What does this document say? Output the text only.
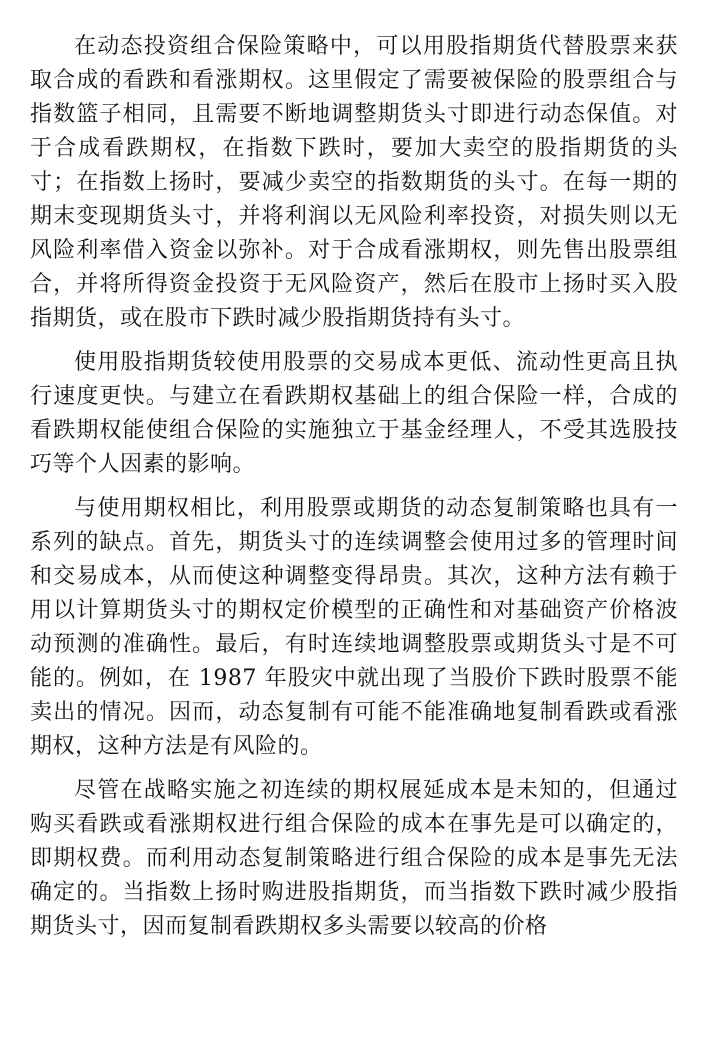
在动态投资组合保险策略中，可以用股指期货代替股票来获取合成的看跌和看涨期权。这里假定了需要被保险的股票组合与指数篮子相同，且需要不断地调整期货头寸即进行动态保值。对于合成看跌期权，在指数下跌时，要加大卖空的股指期货的头寸；在指数上扬时，要减少卖空的指数期货的头寸。在每一期的期末变现期货头寸，并将利润以无风险利率投资，对损失则以无风险利率借入资金以弥补。对于合成看涨期权，则先售出股票组合，并将所得资金投资于无风险资产，然后在股市上扬时买入股指期货，或在股市下跌时减少股指期货持有头寸。

使用股指期货较使用股票的交易成本更低、流动性更高且执行速度更快。与建立在看跌期权基础上的组合保险一样，合成的看跌期权能使组合保险的实施独立于基金经理人，不受其选股技巧等个人因素的影响。

与使用期权相比，利用股票或期货的动态复制策略也具有一系列的缺点。首先，期货头寸的连续调整会使用过多的管理时间和交易成本，从而使这种调整变得昂贵。其次，这种方法有赖于用以计算期货头寸的期权定价模型的正确性和对基础资产价格波动预测的准确性。最后，有时连续地调整股票或期货头寸是不可能的。例如，在 1987 年股灾中就出现了当股价下跌时股票不能卖出的情况。因而，动态复制有可能不能准确地复制看跌或看涨期权，这种方法是有风险的。

尽管在战略实施之初连续的期权展延成本是未知的，但通过购买看跌或看涨期权进行组合保险的成本在事先是可以确定的，即期权费。而利用动态复制策略进行组合保险的成本是事先无法确定的。当指数上扬时购进股指期货，而当指数下跌时减少股指期货头寸，因而复制看跌期权多头需要以较高的价格
